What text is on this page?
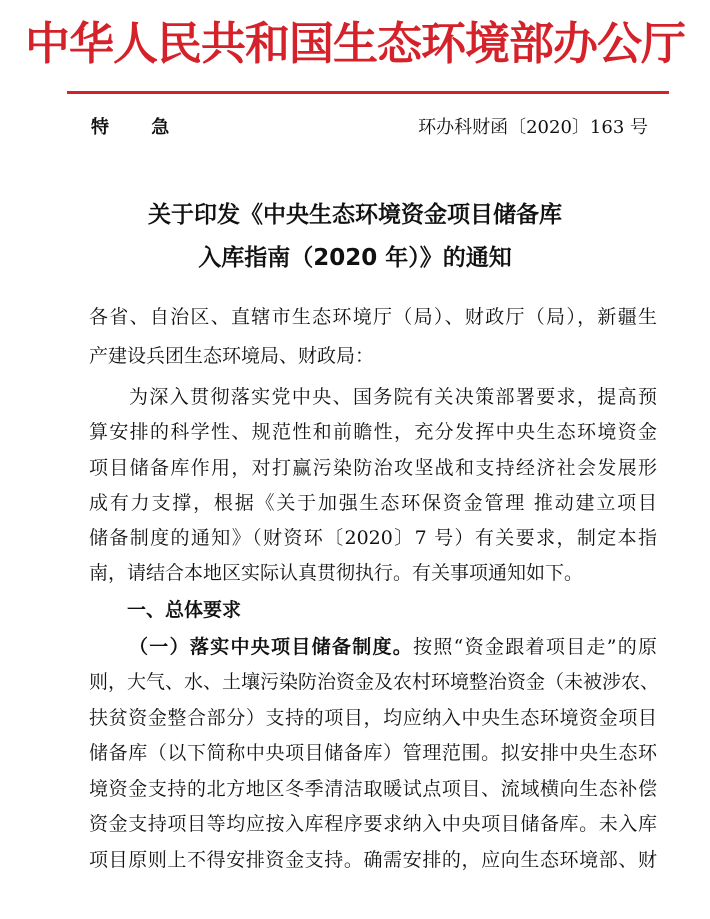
中华人民共和国生态环境部办公厅
特 急	环办科财函〔2020〕163 号
关于印发《中央生态环境资金项目储备库
入库指南（2020 年）》的通知
各省、自治区、直辖市生态环境厅（局）、财政厅（局），新疆生
产建设兵团生态环境局、财政局：
为深入贯彻落实党中央、国务院有关决策部署要求，提高预
算安排的科学性、规范性和前瞻性，充分发挥中央生态环境资金
项目储备库作用，对打赢污染防治攻坚战和支持经济社会发展形
成有力支撑，根据《关于加强生态环保资金管理 推动建立项目
储备制度的通知》（财资环〔2020〕7 号）有关要求，制定本指
南，请结合本地区实际认真贯彻执行。有关事项通知如下。
一、总体要求
（一）落实中央项目储备制度。按照“资金跟着项目走”的原
则，大气、水、土壤污染防治资金及农村环境整治资金（未被涉农、
扶贫资金整合部分）支持的项目，均应纳入中央生态环境资金项目
储备库（以下简称中央项目储备库）管理范围。拟安排中央生态环
境资金支持的北方地区冬季清洁取暖试点项目、流域横向生态补偿
资金支持项目等均应按入库程序要求纳入中央项目储备库。未入库
项目原则上不得安排资金支持。确需安排的，应向生态环境部、财
